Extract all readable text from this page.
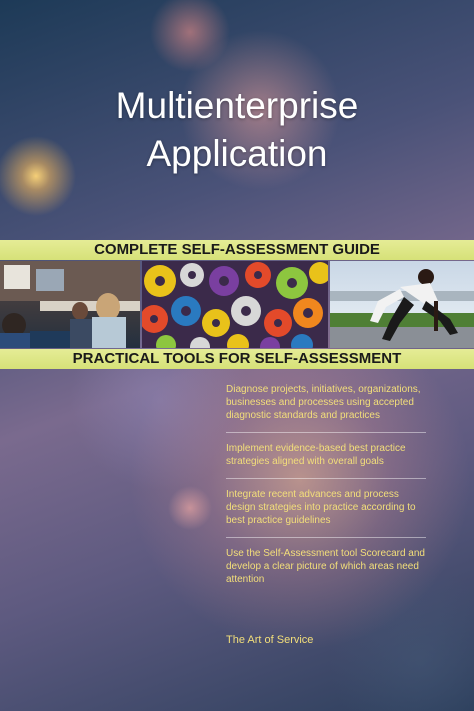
Multienterprise
Application
COMPLETE SELF-ASSESSMENT GUIDE
PRACTICAL TOOLS FOR SELF-ASSESSMENT
Diagnose projects, initiatives, organizations, businesses and processes using accepted diagnostic standards and practices
Implement evidence-based best practice strategies aligned with overall goals
Integrate recent advances and process design strategies into practice according to best practice guidelines
Use the Self-Assessment tool Scorecard and develop a clear picture of which areas need attention
The Art of Service
